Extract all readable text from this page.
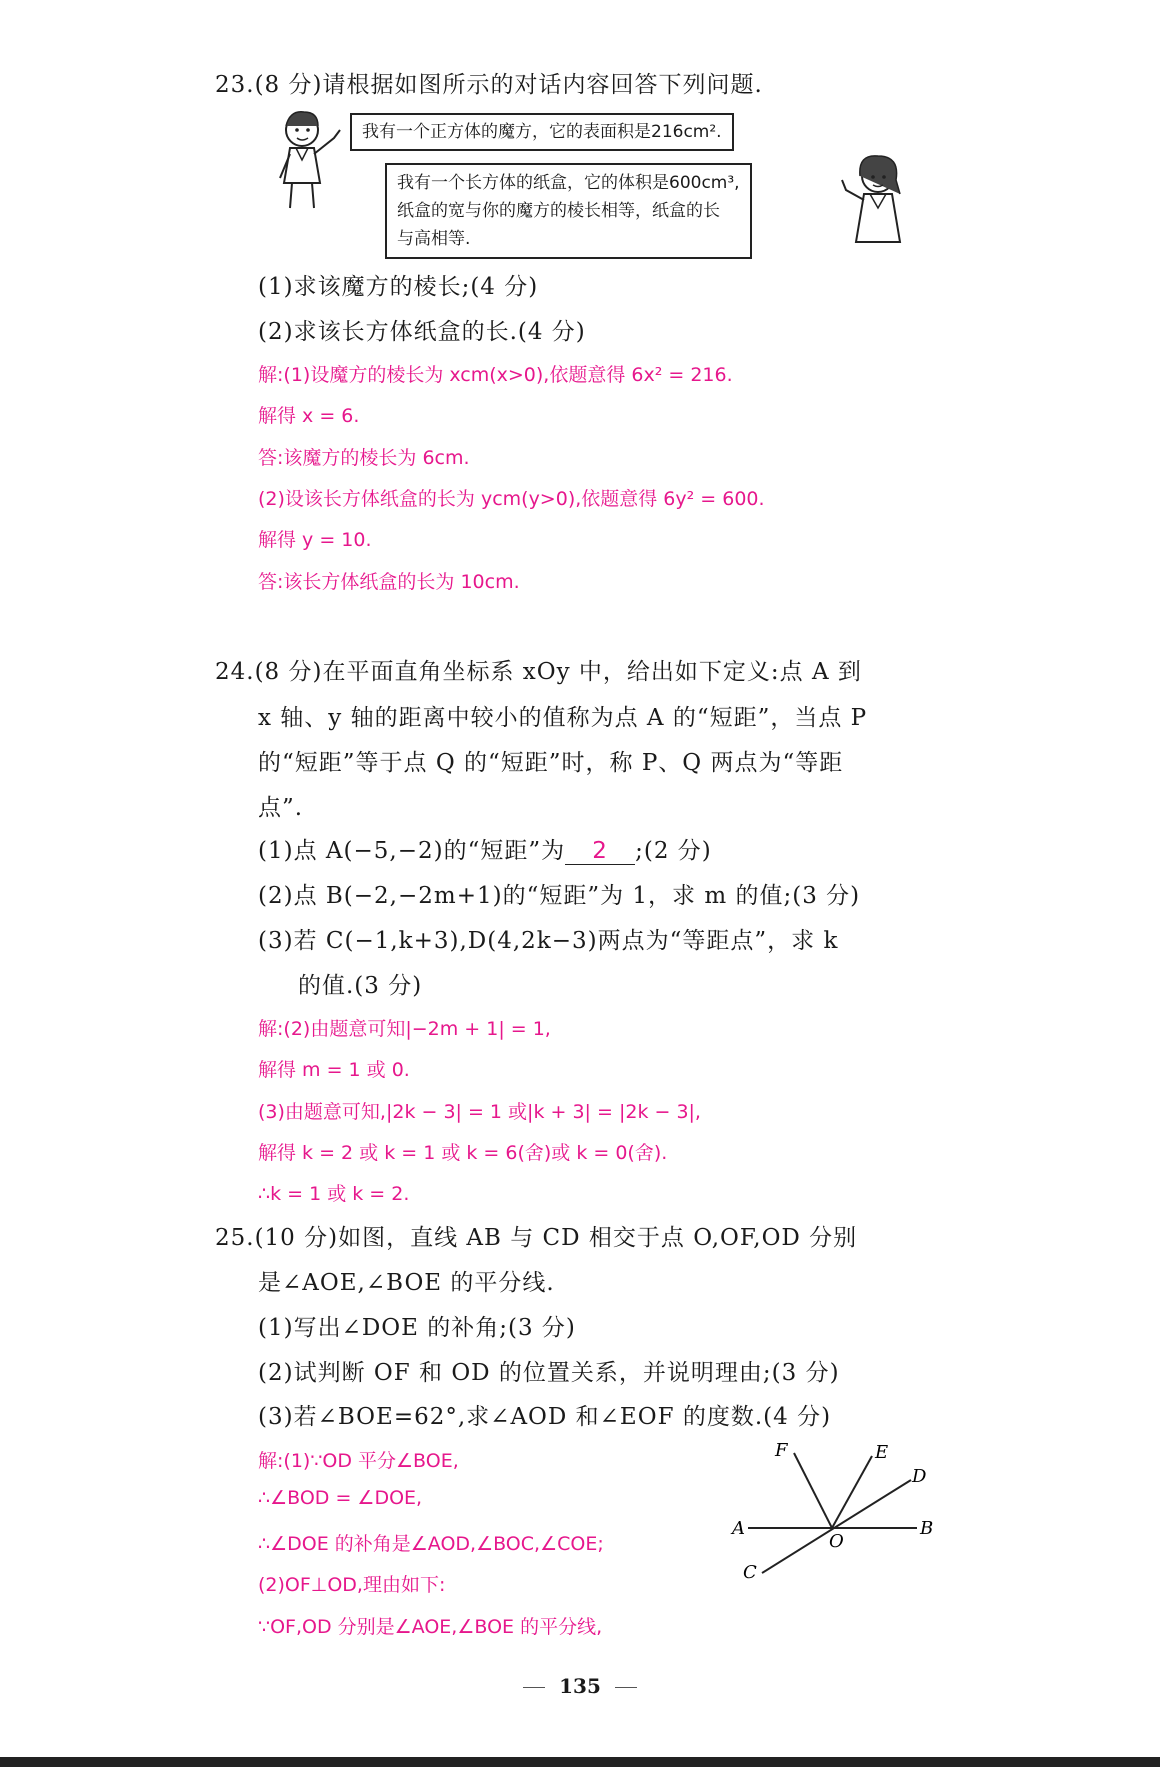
23.(8 分)请根据如图所示的对话内容回答下列问题.
我有一个正方体的魔方，它的表面积是216cm².
我有一个长方体的纸盒，它的体积是600cm³,
纸盒的宽与你的魔方的棱长相等，纸盒的长
与高相等.
(1)求该魔方的棱长;(4 分)
(2)求该长方体纸盒的长.(4 分)
解:(1)设魔方的棱长为 xcm(x>0),依题意得 6x² = 216.
解得 x = 6.
答:该魔方的棱长为 6cm.
(2)设该长方体纸盒的长为 ycm(y>0),依题意得 6y² = 600.
解得 y = 10.
答:该长方体纸盒的长为 10cm.
24.(8 分)在平面直角坐标系 xOy 中，给出如下定义:点 A 到
x 轴、y 轴的距离中较小的值称为点 A 的“短距”，当点 P
的“短距”等于点 Q 的“短距”时，称 P、Q 两点为“等距
点”.
(1)点 A(−5,−2)的“短距”为 2 ;(2 分)
(2)点 B(−2,−2m+1)的“短距”为 1，求 m 的值;(3 分)
(3)若 C(−1,k+3),D(4,2k−3)两点为“等距点”，求 k
的值.(3 分)
解:(2)由题意可知|−2m + 1| = 1,
解得 m = 1 或 0.
(3)由题意可知,|2k − 3| = 1 或|k + 3| = |2k − 3|,
解得 k = 2 或 k = 1 或 k = 6(舍)或 k = 0(舍).
∴k = 1 或 k = 2.
25.(10 分)如图，直线 AB 与 CD 相交于点 O,OF,OD 分别
是∠AOE,∠BOE 的平分线.
(1)写出∠DOE 的补角;(3 分)
(2)试判断 OF 和 OD 的位置关系，并说明理由;(3 分)
(3)若∠BOE=62°,求∠AOD 和∠EOF 的度数.(4 分)
解:(1)∵OD 平分∠BOE,
∴∠BOD = ∠DOE,
∴∠DOE 的补角是∠AOD,∠BOC,∠COE;
(2)OF⊥OD,理由如下:
∵OF,OD 分别是∠AOE,∠BOE 的平分线,
F	E
D
A
O
B
C
135
